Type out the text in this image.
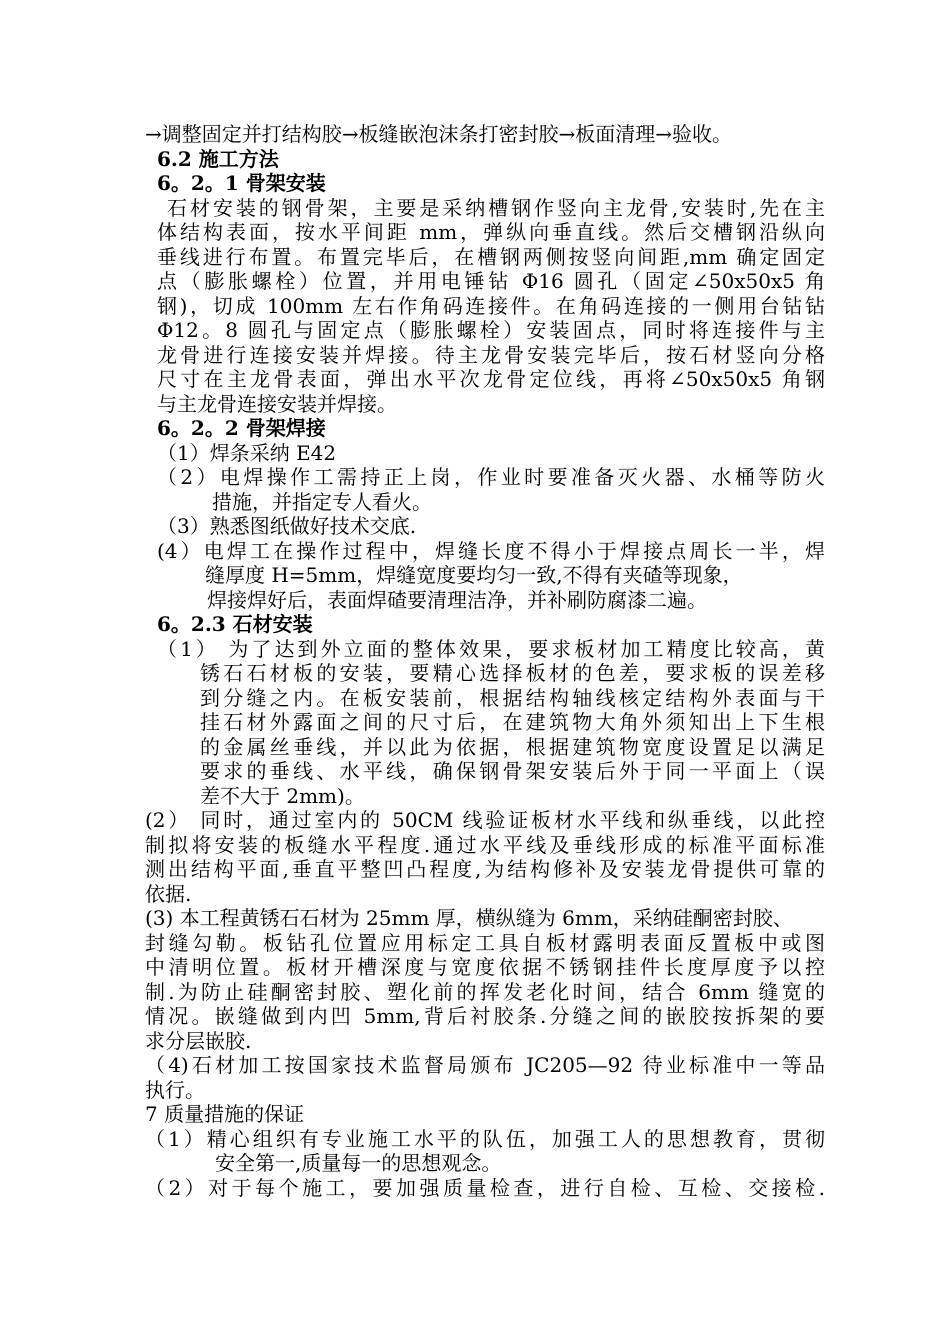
→调整固定并打结构胶→板缝嵌泡沫条打密封胶→板面清理→验收。
6.2 施工方法
6。2。1 骨架安装
石材安装的钢骨架，主要是采纳槽钢作竖向主龙骨,安装时,先在主
体结构表面，按水平间距 mm，弹纵向垂直线。然后交槽钢沿纵向
垂线进行布置。布置完毕后，在槽钢两侧按竖向间距,mm 确定固定
点（膨胀螺栓）位置，并用电锤钻 Φ16 圆孔（固定∠50x50x5 角
钢)，切成 100mm 左右作角码连接件。在角码连接的一侧用台钻钻
Φ12。8 圆孔与固定点（膨胀螺栓）安装固点，同时将连接件与主
龙骨进行连接安装并焊接。待主龙骨安装完毕后，按石材竖向分格
尺寸在主龙骨表面，弹出水平次龙骨定位线，再将∠50x50x5 角钢
与主龙骨连接安装并焊接。
6。2。2 骨架焊接
（1）焊条采纳 E42
（2）电焊操作工需持正上岗，作业时要准备灭火器、水桶等防火
措施，并指定专人看火。
（3）熟悉图纸做好技术交底.
(4）电焊工在操作过程中，焊缝长度不得小于焊接点周长一半，焊
缝厚度 H=5mm，焊缝宽度要均匀一致,不得有夹碴等现象，
焊接焊好后，表面焊碴要清理洁净，并补刷防腐漆二遍。
6。2.3 石材安装
（1） 为了达到外立面的整体效果，要求板材加工精度比较高，黄
锈石石材板的安装，要精心选择板材的色差，要求板的误差移
到分缝之内。在板安装前，根据结构轴线核定结构外表面与干
挂石材外露面之间的尺寸后，在建筑物大角外须知出上下生根
的金属丝垂线，并以此为依据，根据建筑物宽度设置足以满足
要求的垂线、水平线，确保钢骨架安装后外于同一平面上（误
差不大于 2mm)。
(2） 同时，通过室内的 50CM 线验证板材水平线和纵垂线，以此控
制拟将安装的板缝水平程度.通过水平线及垂线形成的标准平面标准
测出结构平面,垂直平整凹凸程度,为结构修补及安装龙骨提供可靠的
依据.
(3) 本工程黄锈石石材为 25mm 厚，横纵缝为 6mm，采纳硅酮密封胶、
封缝勾勒。板钻孔位置应用标定工具自板材露明表面反置板中或图
中清明位置。板材开槽深度与宽度依据不锈钢挂件长度厚度予以控
制.为防止硅酮密封胶、塑化前的挥发老化时间，结合 6mm 缝宽的
情况。嵌缝做到内凹 5mm,背后衬胶条.分缝之间的嵌胶按拆架的要
求分层嵌胶.
（4)石材加工按国家技术监督局颁布 JC205—92 待业标准中一等品
执行。
7 质量措施的保证
（1）精心组织有专业施工水平的队伍，加强工人的思想教育，贯彻
安全第一,质量每一的思想观念。
（2）对于每个施工，要加强质量检查，进行自检、互检、交接检.
